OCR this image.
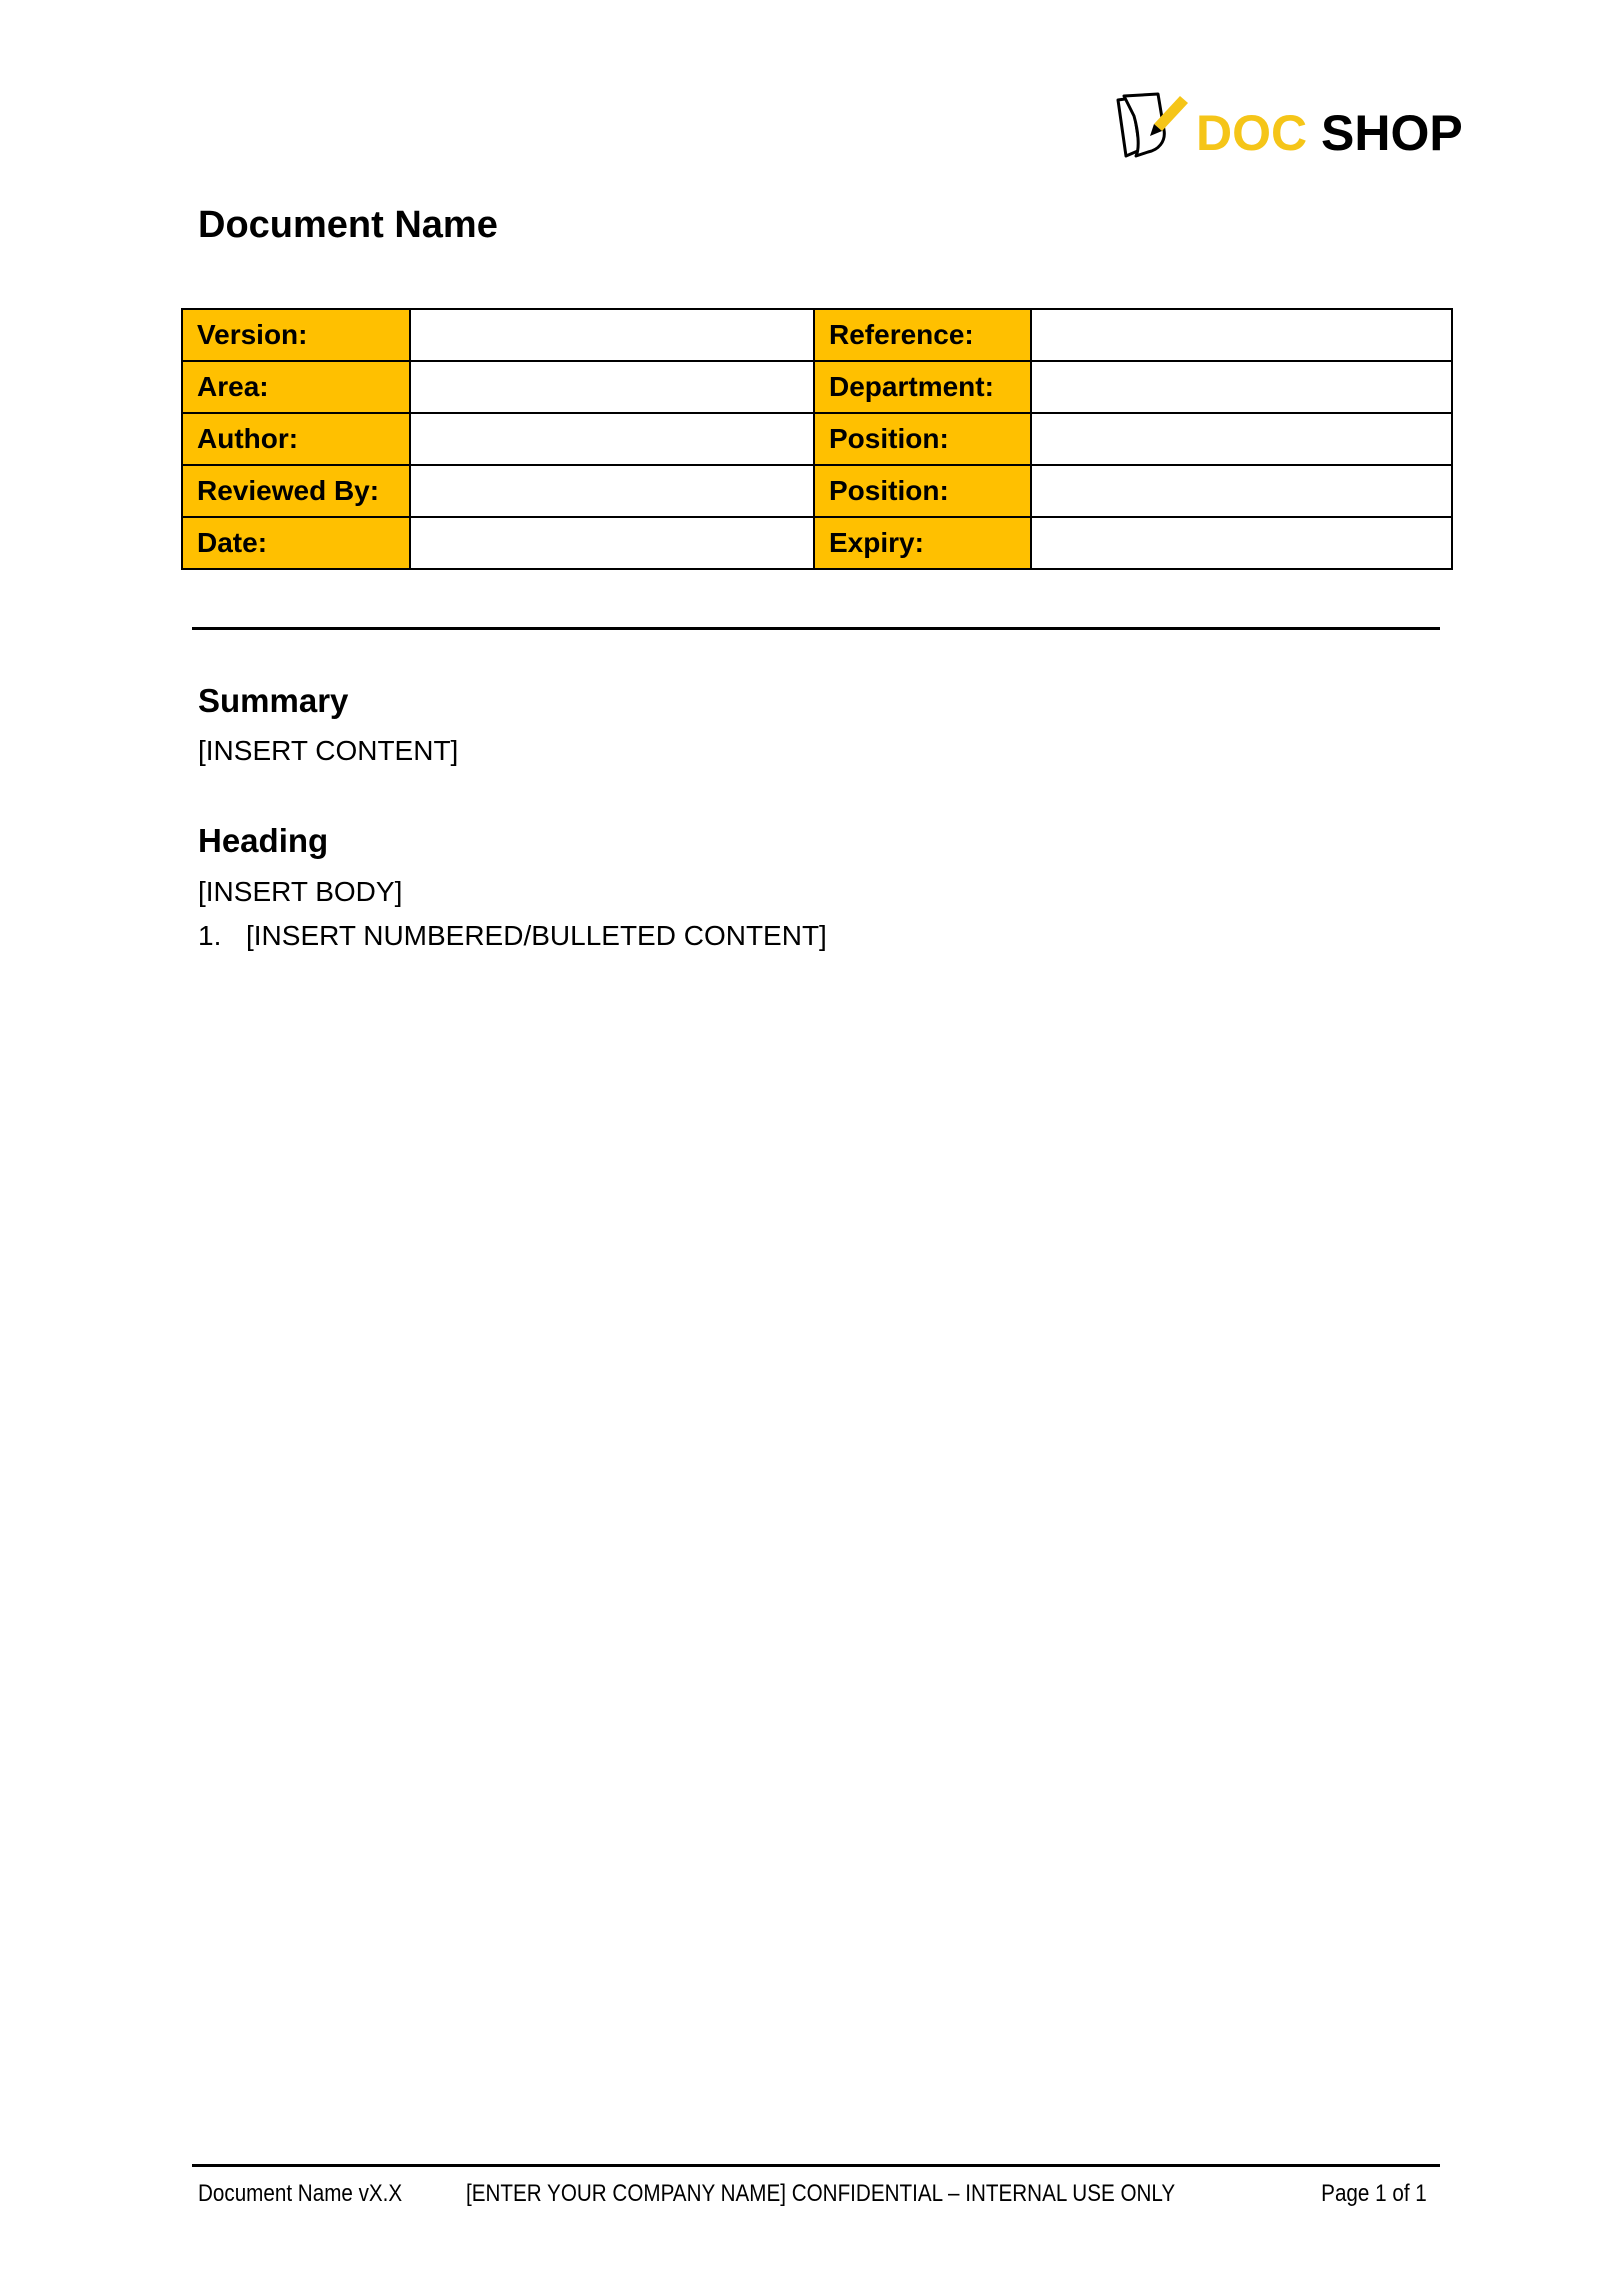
DOC SHOP
Document Name
Version:		Reference:	
Area:		Department:	
Author:		Position:	
Reviewed By:		Position:	
Date:		Expiry:	
Summary
[INSERT CONTENT]
Heading
[INSERT BODY]
1. [INSERT NUMBERED/BULLETED CONTENT]
Document Name vX.X	[ENTER YOUR COMPANY NAME] CONFIDENTIAL – INTERNAL USE ONLY	Page 1 of 1
